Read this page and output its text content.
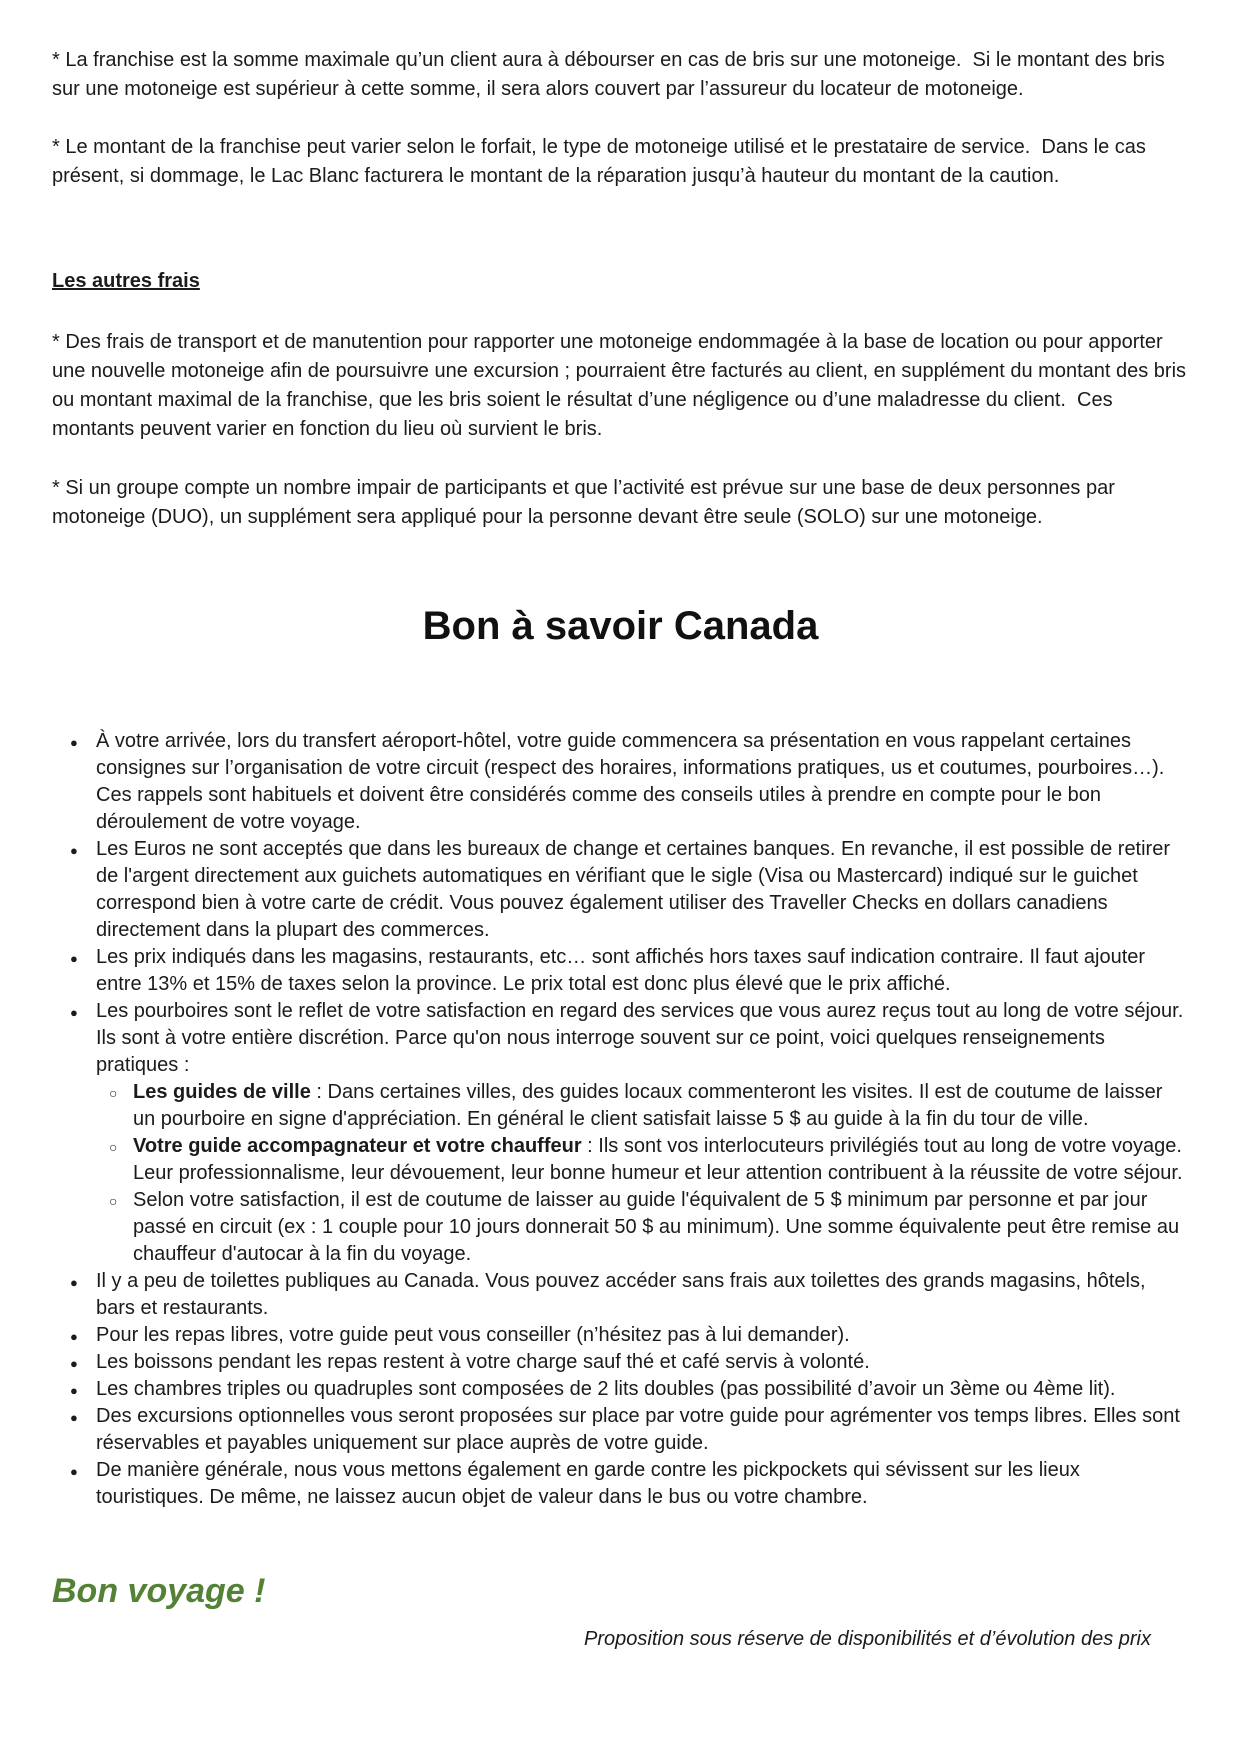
* La franchise est la somme maximale qu’un client aura à débourser en cas de bris sur une motoneige.  Si le montant des bris sur une motoneige est supérieur à cette somme, il sera alors couvert par l’assureur du locateur de motoneige.

* Le montant de la franchise peut varier selon le forfait, le type de motoneige utilisé et le prestataire de service.  Dans le cas présent, si dommage, le Lac Blanc facturera le montant de la réparation jusqu’à hauteur du montant de la caution.

Les autres frais

* Des frais de transport et de manutention pour rapporter une motoneige endommagée à la base de location ou pour apporter une nouvelle motoneige afin de poursuivre une excursion ; pourraient être facturés au client, en supplément du montant des bris ou montant maximal de la franchise, que les bris soient le résultat d’une négligence ou d’une maladresse du client.  Ces montants peuvent varier en fonction du lieu où survient le bris.

* Si un groupe compte un nombre impair de participants et que l’activité est prévue sur une base de deux personnes par motoneige (DUO), un supplément sera appliqué pour la personne devant être seule (SOLO) sur une motoneige.

Bon à savoir Canada
● À votre arrivée, lors du transfert aéroport-hôtel, votre guide commencera sa présentation en vous rappelant certaines consignes sur l’organisation de votre circuit (respect des horaires, informations pratiques, us et coutumes, pourboires…). Ces rappels sont habituels et doivent être considérés comme des conseils utiles à prendre en compte pour le bon déroulement de votre voyage.
● Les Euros ne sont acceptés que dans les bureaux de change et certaines banques. En revanche, il est possible de retirer de l'argent directement aux guichets automatiques en vérifiant que le sigle (Visa ou Mastercard) indiqué sur le guichet correspond bien à votre carte de crédit. Vous pouvez également utiliser des Traveller Checks en dollars canadiens directement dans la plupart des commerces.
● Les prix indiqués dans les magasins, restaurants, etc… sont affichés hors taxes sauf indication contraire. Il faut ajouter entre 13% et 15% de taxes selon la province. Le prix total est donc plus élevé que le prix affiché.
● Les pourboires sont le reflet de votre satisfaction en regard des services que vous aurez reçus tout au long de votre séjour. Ils sont à votre entière discrétion. Parce qu'on nous interroge souvent sur ce point, voici quelques renseignements pratiques :
○ Les guides de ville : Dans certaines villes, des guides locaux commenteront les visites. Il est de coutume de laisser un pourboire en signe d'appréciation. En général le client satisfait laisse 5 $ au guide à la fin du tour de ville.
○ Votre guide accompagnateur et votre chauffeur : Ils sont vos interlocuteurs privilégiés tout au long de votre voyage. Leur professionnalisme, leur dévouement, leur bonne humeur et leur attention contribuent à la réussite de votre séjour.
○ Selon votre satisfaction, il est de coutume de laisser au guide l'équivalent de 5 $ minimum par personne et par jour passé en circuit (ex : 1 couple pour 10 jours donnerait 50 $ au minimum). Une somme équivalente peut être remise au chauffeur d'autocar à la fin du voyage.
● Il y a peu de toilettes publiques au Canada. Vous pouvez accéder sans frais aux toilettes des grands magasins, hôtels, bars et restaurants.
● Pour les repas libres, votre guide peut vous conseiller (n’hésitez pas à lui demander).
● Les boissons pendant les repas restent à votre charge sauf thé et café servis à volonté.
● Les chambres triples ou quadruples sont composées de 2 lits doubles (pas possibilité d’avoir un 3ème ou 4ème lit).
● Des excursions optionnelles vous seront proposées sur place par votre guide pour agrémenter vos temps libres. Elles sont réservables et payables uniquement sur place auprès de votre guide.
● De manière générale, nous vous mettons également en garde contre les pickpockets qui sévissent sur les lieux touristiques. De même, ne laissez aucun objet de valeur dans le bus ou votre chambre.
Bon voyage !
Proposition sous réserve de disponibilités et d’évolution des prix
